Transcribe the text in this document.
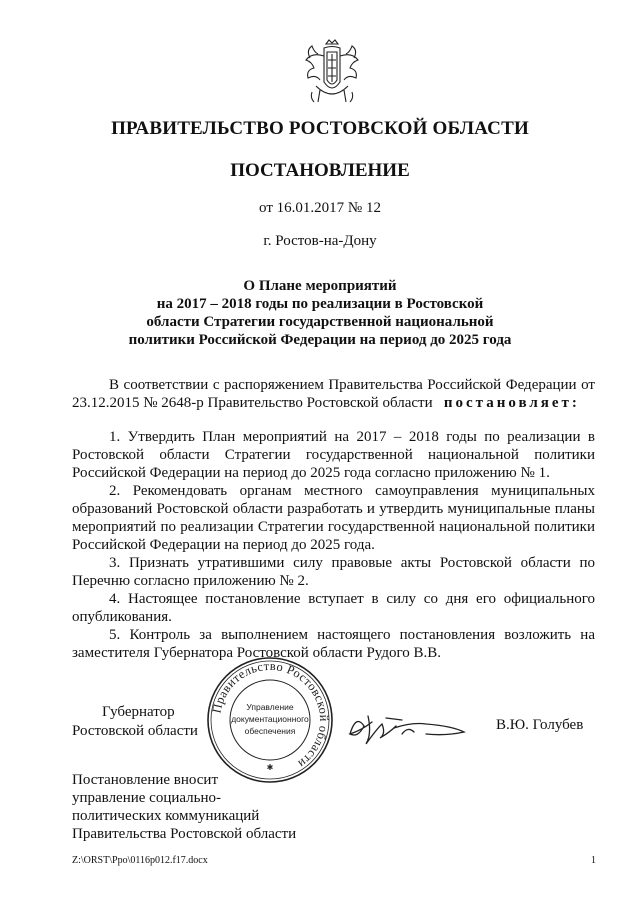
ПРАВИТЕЛЬСТВО РОСТОВСКОЙ ОБЛАСТИ
ПОСТАНОВЛЕНИЕ
от 16.01.2017 № 12
г. Ростов-на-Дону
О Плане мероприятий
на 2017 – 2018 годы по реализации в Ростовской
области Стратегии государственной национальной
политики Российской Федерации на период до 2025 года

В соответствии с распоряжением Правительства Российской Федерации от 23.12.2015 № 2648-р Правительство Ростовской области постановляет:

1. Утвердить План мероприятий на 2017 – 2018 годы по реализации в Ростовской области Стратегии государственной национальной политики Российской Федерации на период до 2025 года согласно приложению № 1.

2. Рекомендовать органам местного самоуправления муниципальных образований Ростовской области разработать и утвердить муниципальные планы мероприятий по реализации Стратегии государственной национальной политики Российской Федерации на период до 2025 года.

3. Признать утратившими силу правовые акты Ростовской области по Перечню согласно приложению № 2.

4. Настоящее постановление вступает в силу со дня его официального опубликования.

5. Контроль за выполнением настоящего постановления возложить на заместителя Губернатора Ростовской области Рудого В.В.

Губернатор
Ростовской области
Правительство Ростовской области
Управление
документационного
обеспечения
✱
В.Ю. Голубев
Постановление вносит
управление социально-
политических коммуникаций
Правительства Ростовской области
Z:\ORST\Ppo\0116p012.f17.docx	1
